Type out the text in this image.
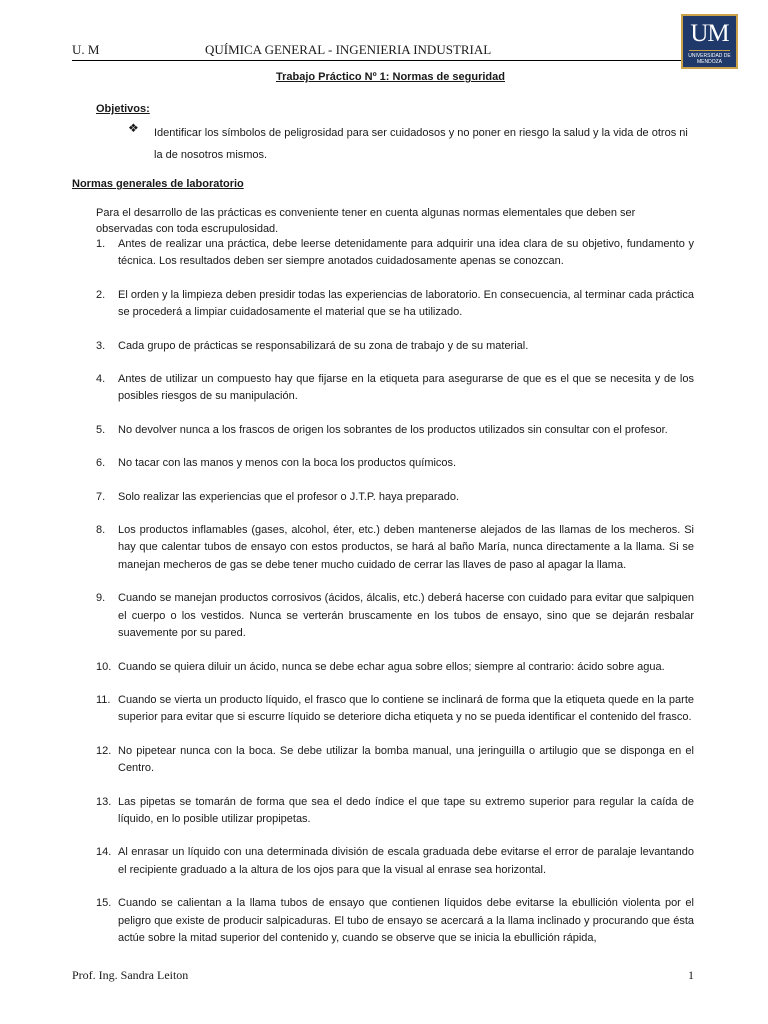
U. M	QUÍMICA GENERAL - INGENIERIA INDUSTRIAL
UM
UNIVERSIDAD DE MENDOZA
Trabajo Práctico Nº 1: Normas de seguridad
Objetivos:
❖ Identificar los símbolos de peligrosidad para ser cuidadosos y no poner en riesgo la salud y la vida de otros ni la de nosotros mismos.
Normas generales de laboratorio
Para el desarrollo de las prácticas es conveniente tener en cuenta algunas normas elementales que deben ser observadas con toda escrupulosidad.
1. Antes de realizar una práctica, debe leerse detenidamente para adquirir una idea clara de su objetivo, fundamento y técnica. Los resultados deben ser siempre anotados cuidadosamente apenas se conozcan.
2. El orden y la limpieza deben presidir todas las experiencias de laboratorio. En consecuencia, al terminar cada práctica se procederá a limpiar cuidadosamente el material que se ha utilizado.
3. Cada grupo de prácticas se responsabilizará de su zona de trabajo y de su material.
4. Antes de utilizar un compuesto hay que fijarse en la etiqueta para asegurarse de que es el que se necesita y de los posibles riesgos de su manipulación.
5. No devolver nunca a los frascos de origen los sobrantes de los productos utilizados sin consultar con el profesor.
6. No tacar con las manos y menos con la boca los productos químicos.
7. Solo realizar las experiencias que el profesor o J.T.P. haya preparado.
8. Los productos inflamables (gases, alcohol, éter, etc.) deben mantenerse alejados de las llamas de los mecheros. Si hay que calentar tubos de ensayo con estos productos, se hará al baño María, nunca directamente a la llama. Si se manejan mecheros de gas se debe tener mucho cuidado de cerrar las llaves de paso al apagar la llama.
9. Cuando se manejan productos corrosivos (ácidos, álcalis, etc.) deberá hacerse con cuidado para evitar que salpiquen el cuerpo o los vestidos. Nunca se verterán bruscamente en los tubos de ensayo, sino que se dejarán resbalar suavemente por su pared.
10. Cuando se quiera diluir un ácido, nunca se debe echar agua sobre ellos; siempre al contrario: ácido sobre agua.
11. Cuando se vierta un producto líquido, el frasco que lo contiene se inclinará de forma que la etiqueta quede en la parte superior para evitar que si escurre líquido se deteriore dicha etiqueta y no se pueda identificar el contenido del frasco.
12. No pipetear nunca con la boca. Se debe utilizar la bomba manual, una jeringuilla o artilugio que se disponga en el Centro.
13. Las pipetas se tomarán de forma que sea el dedo índice el que tape su extremo superior para regular la caída de líquido, en lo posible utilizar propipetas.
14. Al enrasar un líquido con una determinada división de escala graduada debe evitarse el error de paralaje levantando el recipiente graduado a la altura de los ojos para que la visual al enrase sea horizontal.
15. Cuando se calientan a la llama tubos de ensayo que contienen líquidos debe evitarse la ebullición violenta por el peligro que existe de producir salpicaduras. El tubo de ensayo se acercará a la llama inclinado y procurando que ésta actúe sobre la mitad superior del contenido y, cuando se observe que se inicia la ebullición rápida,
Prof. Ing. Sandra Leiton	1
